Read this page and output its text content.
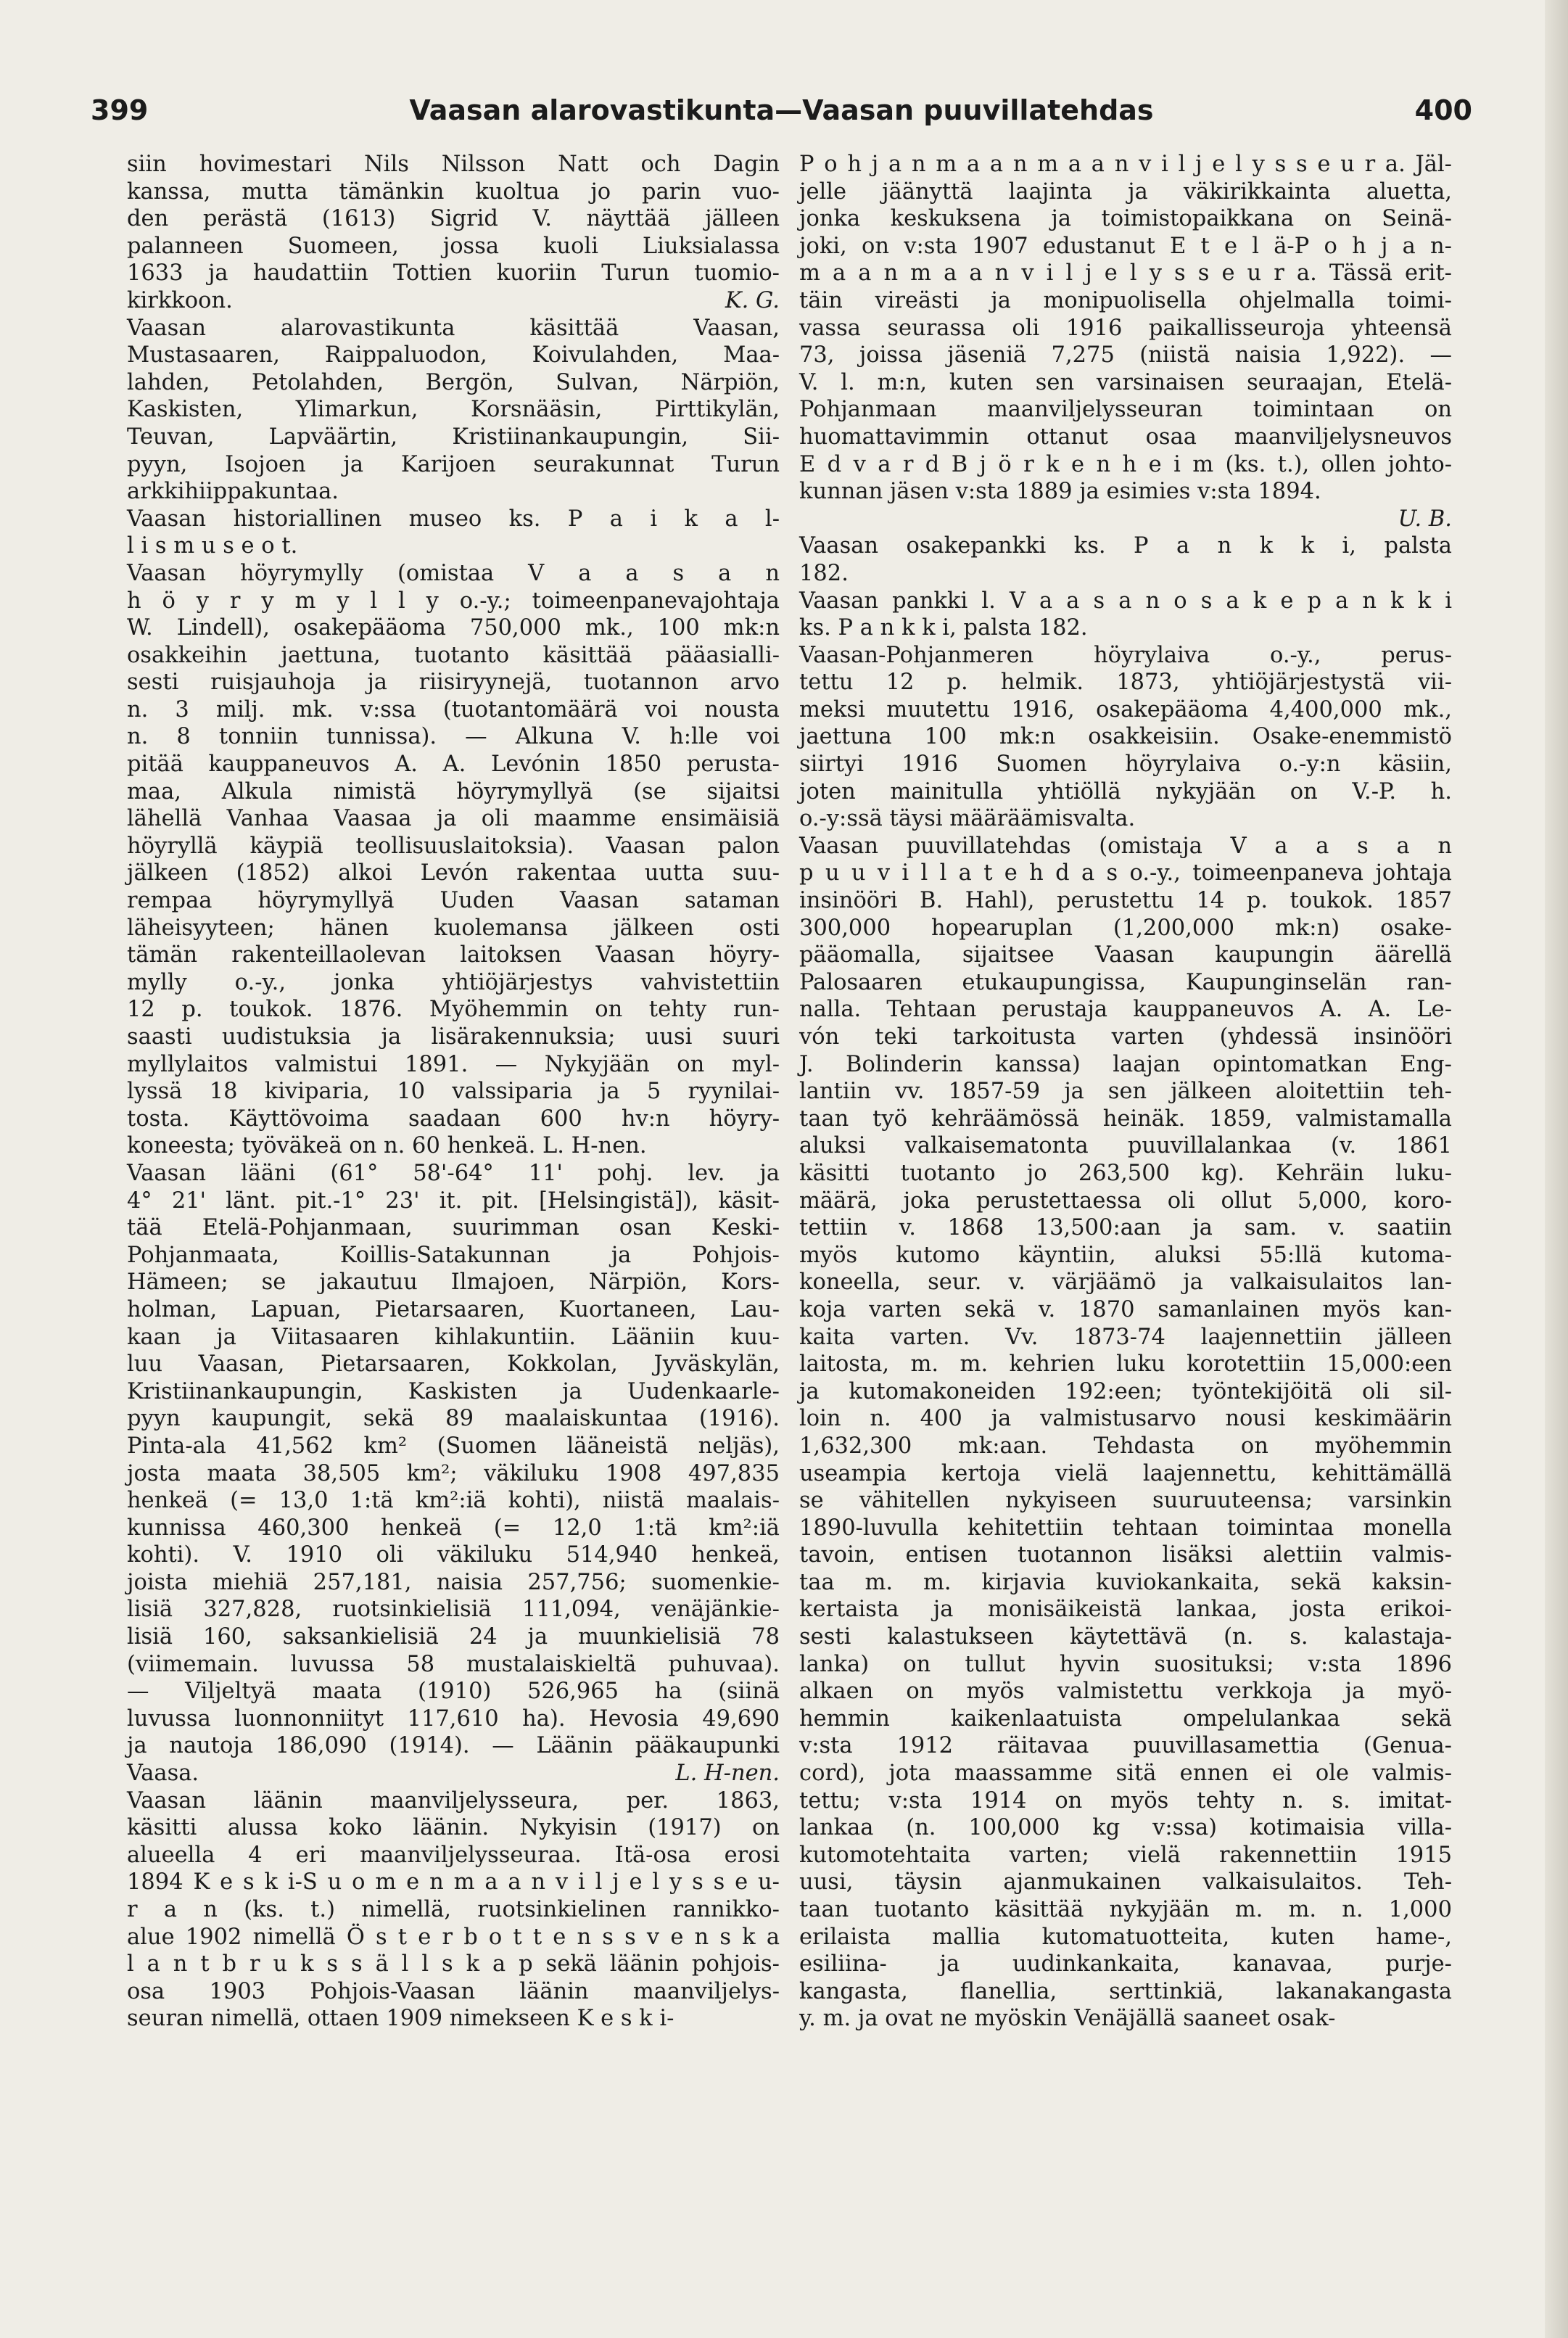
399	Vaasan alarovastikunta—Vaasan puuvillatehdas	400
siin hovimestari Nils Nilsson Natt och Dagin
kanssa, mutta tämänkin kuoltua jo parin vuo-
den perästä (1613) Sigrid V. näyttää jälleen
palanneen Suomeen, jossa kuoli Liuksialassa
1633 ja haudattiin Tottien kuoriin Turun tuomio-
kirkkoon.	K. G.
Vaasan alarovastikunta käsittää Vaasan,
Mustasaaren, Raippaluodon, Koivulahden, Maa-
lahden, Petolahden, Bergön, Sulvan, Närpiön,
Kaskisten, Ylimarkun, Korsnääsin, Pirttikylän,
Teuvan, Lapväärtin, Kristiinankaupungin, Sii-
pyyn, Isojoen ja Karijoen seurakunnat Turun
arkkihiippakuntaa.
Vaasan historiallinen museo ks. P a i k a l-
l i s m u s e o t.
Vaasan höyrymylly (omistaa V a a s a n
h ö y r y m y l l y o.-y.; toimeenpanevajohtaja
W. Lindell), osakepääoma 750,000 mk., 100 mk:n
osakkeihin jaettuna, tuotanto käsittää pääasialli-
sesti ruisjauhoja ja riisiryynejä, tuotannon arvo
n. 3 milj. mk. v:ssa (tuotantomäärä voi nousta
n. 8 tonniin tunnissa). — Alkuna V. h:lle voi
pitää kauppaneuvos A. A. Levónin 1850 perusta-
maa, Alkula nimistä höyrymyllyä (se sijaitsi
lähellä Vanhaa Vaasaa ja oli maamme ensimäisiä
höyryllä käypiä teollisuuslaitoksia). Vaasan palon
jälkeen (1852) alkoi Levón rakentaa uutta suu-
rempaa höyrymyllyä Uuden Vaasan sataman
läheisyyteen; hänen kuolemansa jälkeen osti
tämän rakenteillaolevan laitoksen Vaasan höyry-
mylly o.-y., jonka yhtiöjärjestys vahvistettiin
12 p. toukok. 1876. Myöhemmin on tehty run-
saasti uudistuksia ja lisärakennuksia; uusi suuri
myllylaitos valmistui 1891. — Nykyjään on myl-
lyssä 18 kiviparia, 10 valssiparia ja 5 ryynilai-
tosta. Käyttövoima saadaan 600 hv:n höyry-
koneesta; työväkeä on n. 60 henkeä. L. H-nen.
Vaasan lääni (61° 58'-64° 11' pohj. lev. ja
4° 21' länt. pit.-1° 23' it. pit. [Helsingistä]), käsit-
tää Etelä-Pohjanmaan, suurimman osan Keski-
Pohjanmaata, Koillis-Satakunnan ja Pohjois-
Hämeen; se jakautuu Ilmajoen, Närpiön, Kors-
holman, Lapuan, Pietarsaaren, Kuortaneen, Lau-
kaan ja Viitasaaren kihlakuntiin. Lääniin kuu-
luu Vaasan, Pietarsaaren, Kokkolan, Jyväskylän,
Kristiinankaupungin, Kaskisten ja Uudenkaarle-
pyyn kaupungit, sekä 89 maalaiskuntaa (1916).
Pinta-ala 41,562 km² (Suomen lääneistä neljäs),
josta maata 38,505 km²; väkiluku 1908 497,835
henkeä (= 13,0 1:tä km²:iä kohti), niistä maalais-
kunnissa 460,300 henkeä (= 12,0 1:tä km²:iä
kohti). V. 1910 oli väkiluku 514,940 henkeä,
joista miehiä 257,181, naisia 257,756; suomenkie-
lisiä 327,828, ruotsinkielisiä 111,094, venäjänkie-
lisiä 160, saksankielisiä 24 ja muunkielisiä 78
(viimemain. luvussa 58 mustalaiskieltä puhuvaa).
— Viljeltyä maata (1910) 526,965 ha (siinä
luvussa luonnonniityt 117,610 ha). Hevosia 49,690
ja nautoja 186,090 (1914). — Läänin pääkaupunki
Vaasa.	L. H-nen.
Vaasan läänin maanviljelysseura, per. 1863,
käsitti alussa koko läänin. Nykyisin (1917) on
alueella 4 eri maanviljelysseuraa. Itä-osa erosi
1894 K e s k i-S u o m e n m a a n v i l j e l y s s e u-
r a n (ks. t.) nimellä, ruotsinkielinen rannikko-
alue 1902 nimellä Ö s t e r b o t t e n s s v e n s k a
l a n t b r u k s s ä l l s k a p sekä läänin pohjois-
osa 1903 Pohjois-Vaasan läänin maanviljelys-
seuran nimellä, ottaen 1909 nimekseen K e s k i-
P o h j a n m a a n m a a n v i l j e l y s s e u r a. Jäl-
jelle jäänyttä laajinta ja väkirikkainta aluetta,
jonka keskuksena ja toimistopaikkana on Seinä-
joki, on v:sta 1907 edustanut E t e l ä-P o h j a n-
m a a n m a a n v i l j e l y s s e u r a. Tässä erit-
täin vireästi ja monipuolisella ohjelmalla toimi-
vassa seurassa oli 1916 paikallisseuroja yhteensä
73, joissa jäseniä 7,275 (niistä naisia 1,922). —
V. l. m:n, kuten sen varsinaisen seuraajan, Etelä-
Pohjanmaan maanviljelysseuran toimintaan on
huomattavimmin ottanut osaa maanviljelysneuvos
E d v a r d B j ö r k e n h e i m (ks. t.), ollen johto-
kunnan jäsen v:sta 1889 ja esimies v:sta 1894.
U. B.
Vaasan osakepankki ks. P a n k k i, palsta
182.
Vaasan pankki l. V a a s a n o s a k e p a n k k i
ks. P a n k k i, palsta 182.
Vaasan-Pohjanmeren höyrylaiva o.-y., perus-
tettu 12 p. helmik. 1873, yhtiöjärjestystä vii-
meksi muutettu 1916, osakepääoma 4,400,000 mk.,
jaettuna 100 mk:n osakkeisiin. Osake-enemmistö
siirtyi 1916 Suomen höyrylaiva o.-y:n käsiin,
joten mainitulla yhtiöllä nykyjään on V.-P. h.
o.-y:ssä täysi määräämisvalta.
Vaasan puuvillatehdas (omistaja V a a s a n
p u u v i l l a t e h d a s o.-y., toimeenpaneva johtaja
insinööri B. Hahl), perustettu 14 p. toukok. 1857
300,000 hopearuplan (1,200,000 mk:n) osake-
pääomalla, sijaitsee Vaasan kaupungin äärellä
Palosaaren etukaupungissa, Kaupunginselän ran-
nalla. Tehtaan perustaja kauppaneuvos A. A. Le-
vón teki tarkoitusta varten (yhdessä insinööri
J. Bolinderin kanssa) laajan opintomatkan Eng-
lantiin vv. 1857-59 ja sen jälkeen aloitettiin teh-
taan työ kehräämössä heinäk. 1859, valmistamalla
aluksi valkaisematonta puuvillalankaa (v. 1861
käsitti tuotanto jo 263,500 kg). Kehräin luku-
määrä, joka perustettaessa oli ollut 5,000, koro-
tettiin v. 1868 13,500:aan ja sam. v. saatiin
myös kutomo käyntiin, aluksi 55:llä kutoma-
koneella, seur. v. värjäämö ja valkaisulaitos lan-
koja varten sekä v. 1870 samanlainen myös kan-
kaita varten. Vv. 1873-74 laajennettiin jälleen
laitosta, m. m. kehrien luku korotettiin 15,000:een
ja kutomakoneiden 192:een; työntekijöitä oli sil-
loin n. 400 ja valmistusarvo nousi keskimäärin
1,632,300 mk:aan. Tehdasta on myöhemmin
useampia kertoja vielä laajennettu, kehittämällä
se vähitellen nykyiseen suuruuteensa; varsinkin
1890-luvulla kehitettiin tehtaan toimintaa monella
tavoin, entisen tuotannon lisäksi alettiin valmis-
taa m. m. kirjavia kuviokankaita, sekä kaksin-
kertaista ja monisäikeistä lankaa, josta erikoi-
sesti kalastukseen käytettävä (n. s. kalastaja-
lanka) on tullut hyvin suosituksi; v:sta 1896
alkaen on myös valmistettu verkkoja ja myö-
hemmin kaikenlaatuista ompelulankaa sekä
v:sta 1912 räitavaa puuvillasamettia (Genua-
cord), jota maassamme sitä ennen ei ole valmis-
tettu; v:sta 1914 on myös tehty n. s. imitat-
lankaa (n. 100,000 kg v:ssa) kotimaisia villa-
kutomotehtaita varten; vielä rakennettiin 1915
uusi, täysin ajanmukainen valkaisulaitos. Teh-
taan tuotanto käsittää nykyjään m. m. n. 1,000
erilaista mallia kutomatuotteita, kuten hame-,
esiliina- ja uudinkankaita, kanavaa, purje-
kangasta, flanellia, serttinkiä, lakanakangasta
y. m. ja ovat ne myöskin Venäjällä saaneet osak-
